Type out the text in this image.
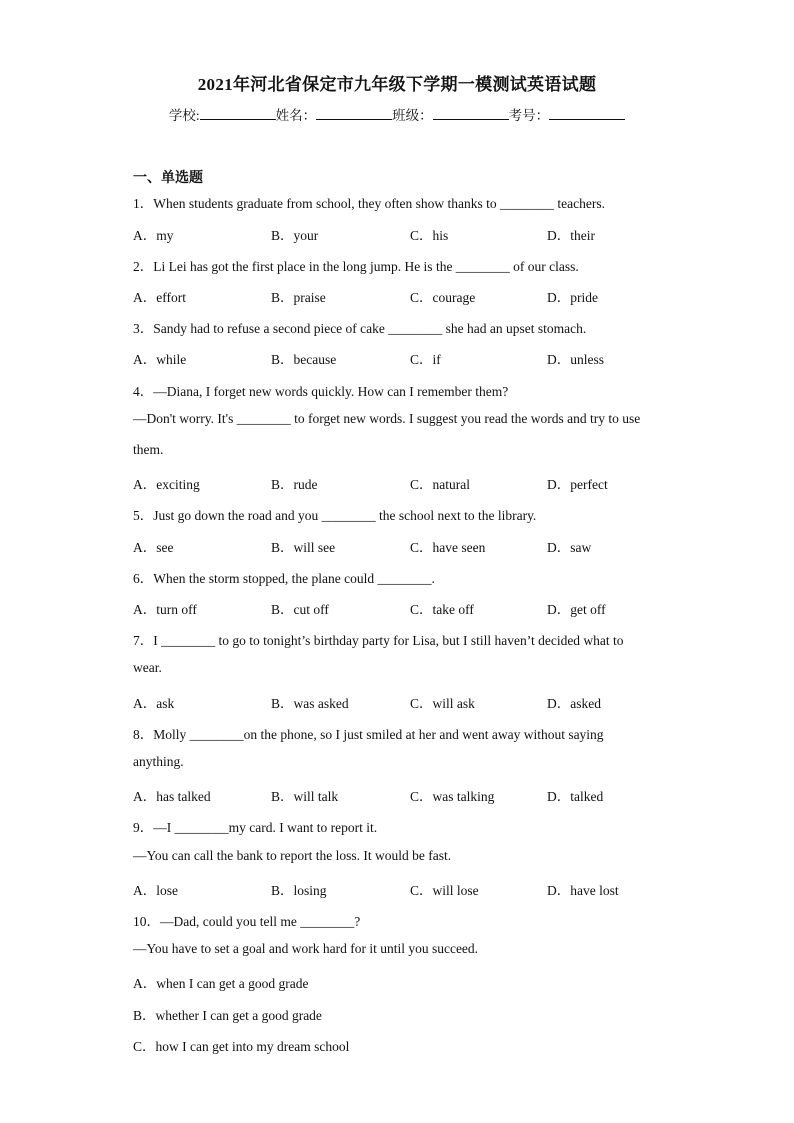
2021年河北省保定市九年级下学期一模测试英语试题
学校:	姓名：	班级：	考号：
一、单选题
1．When students graduate from school, they often show thanks to ________ teachers.
A．my	B．your	C．his	D．their
2．Li Lei has got the first place in the long jump. He is the ________ of our class.
A．effort	B．praise	C．courage	D．pride
3．Sandy had to refuse a second piece of cake ________ she had an upset stomach.
A．while	B．because	C．if	D．unless
4．—Diana, I forget new words quickly. How can I remember them?
—Don't worry. It's ________ to forget new words. I suggest you read the words and try to use
them.
A．exciting	B．rude	C．natural	D．perfect
5．Just go down the road and you ________ the school next to the library.
A．see	B．will see	C．have seen	D．saw
6．When the storm stopped, the plane could ________.
A．turn off	B．cut off	C．take off	D．get off
7．I ________ to go to tonight’s birthday party for Lisa, but I still haven’t decided what to
wear.
A．ask	B．was asked	C．will ask	D．asked
8．Molly ________on the phone, so I just smiled at her and went away without saying
anything.
A．has talked	B．will talk	C．was talking	D．talked
9．—I ________my card. I want to report it.
—You can call the bank to report the loss. It would be fast.
A．lose	B．losing	C．will lose	D．have lost
10．—Dad, could you tell me ________?
—You have to set a goal and work hard for it until you succeed.
A．when I can get a good grade
B．whether I can get a good grade
C．how I can get into my dream school
